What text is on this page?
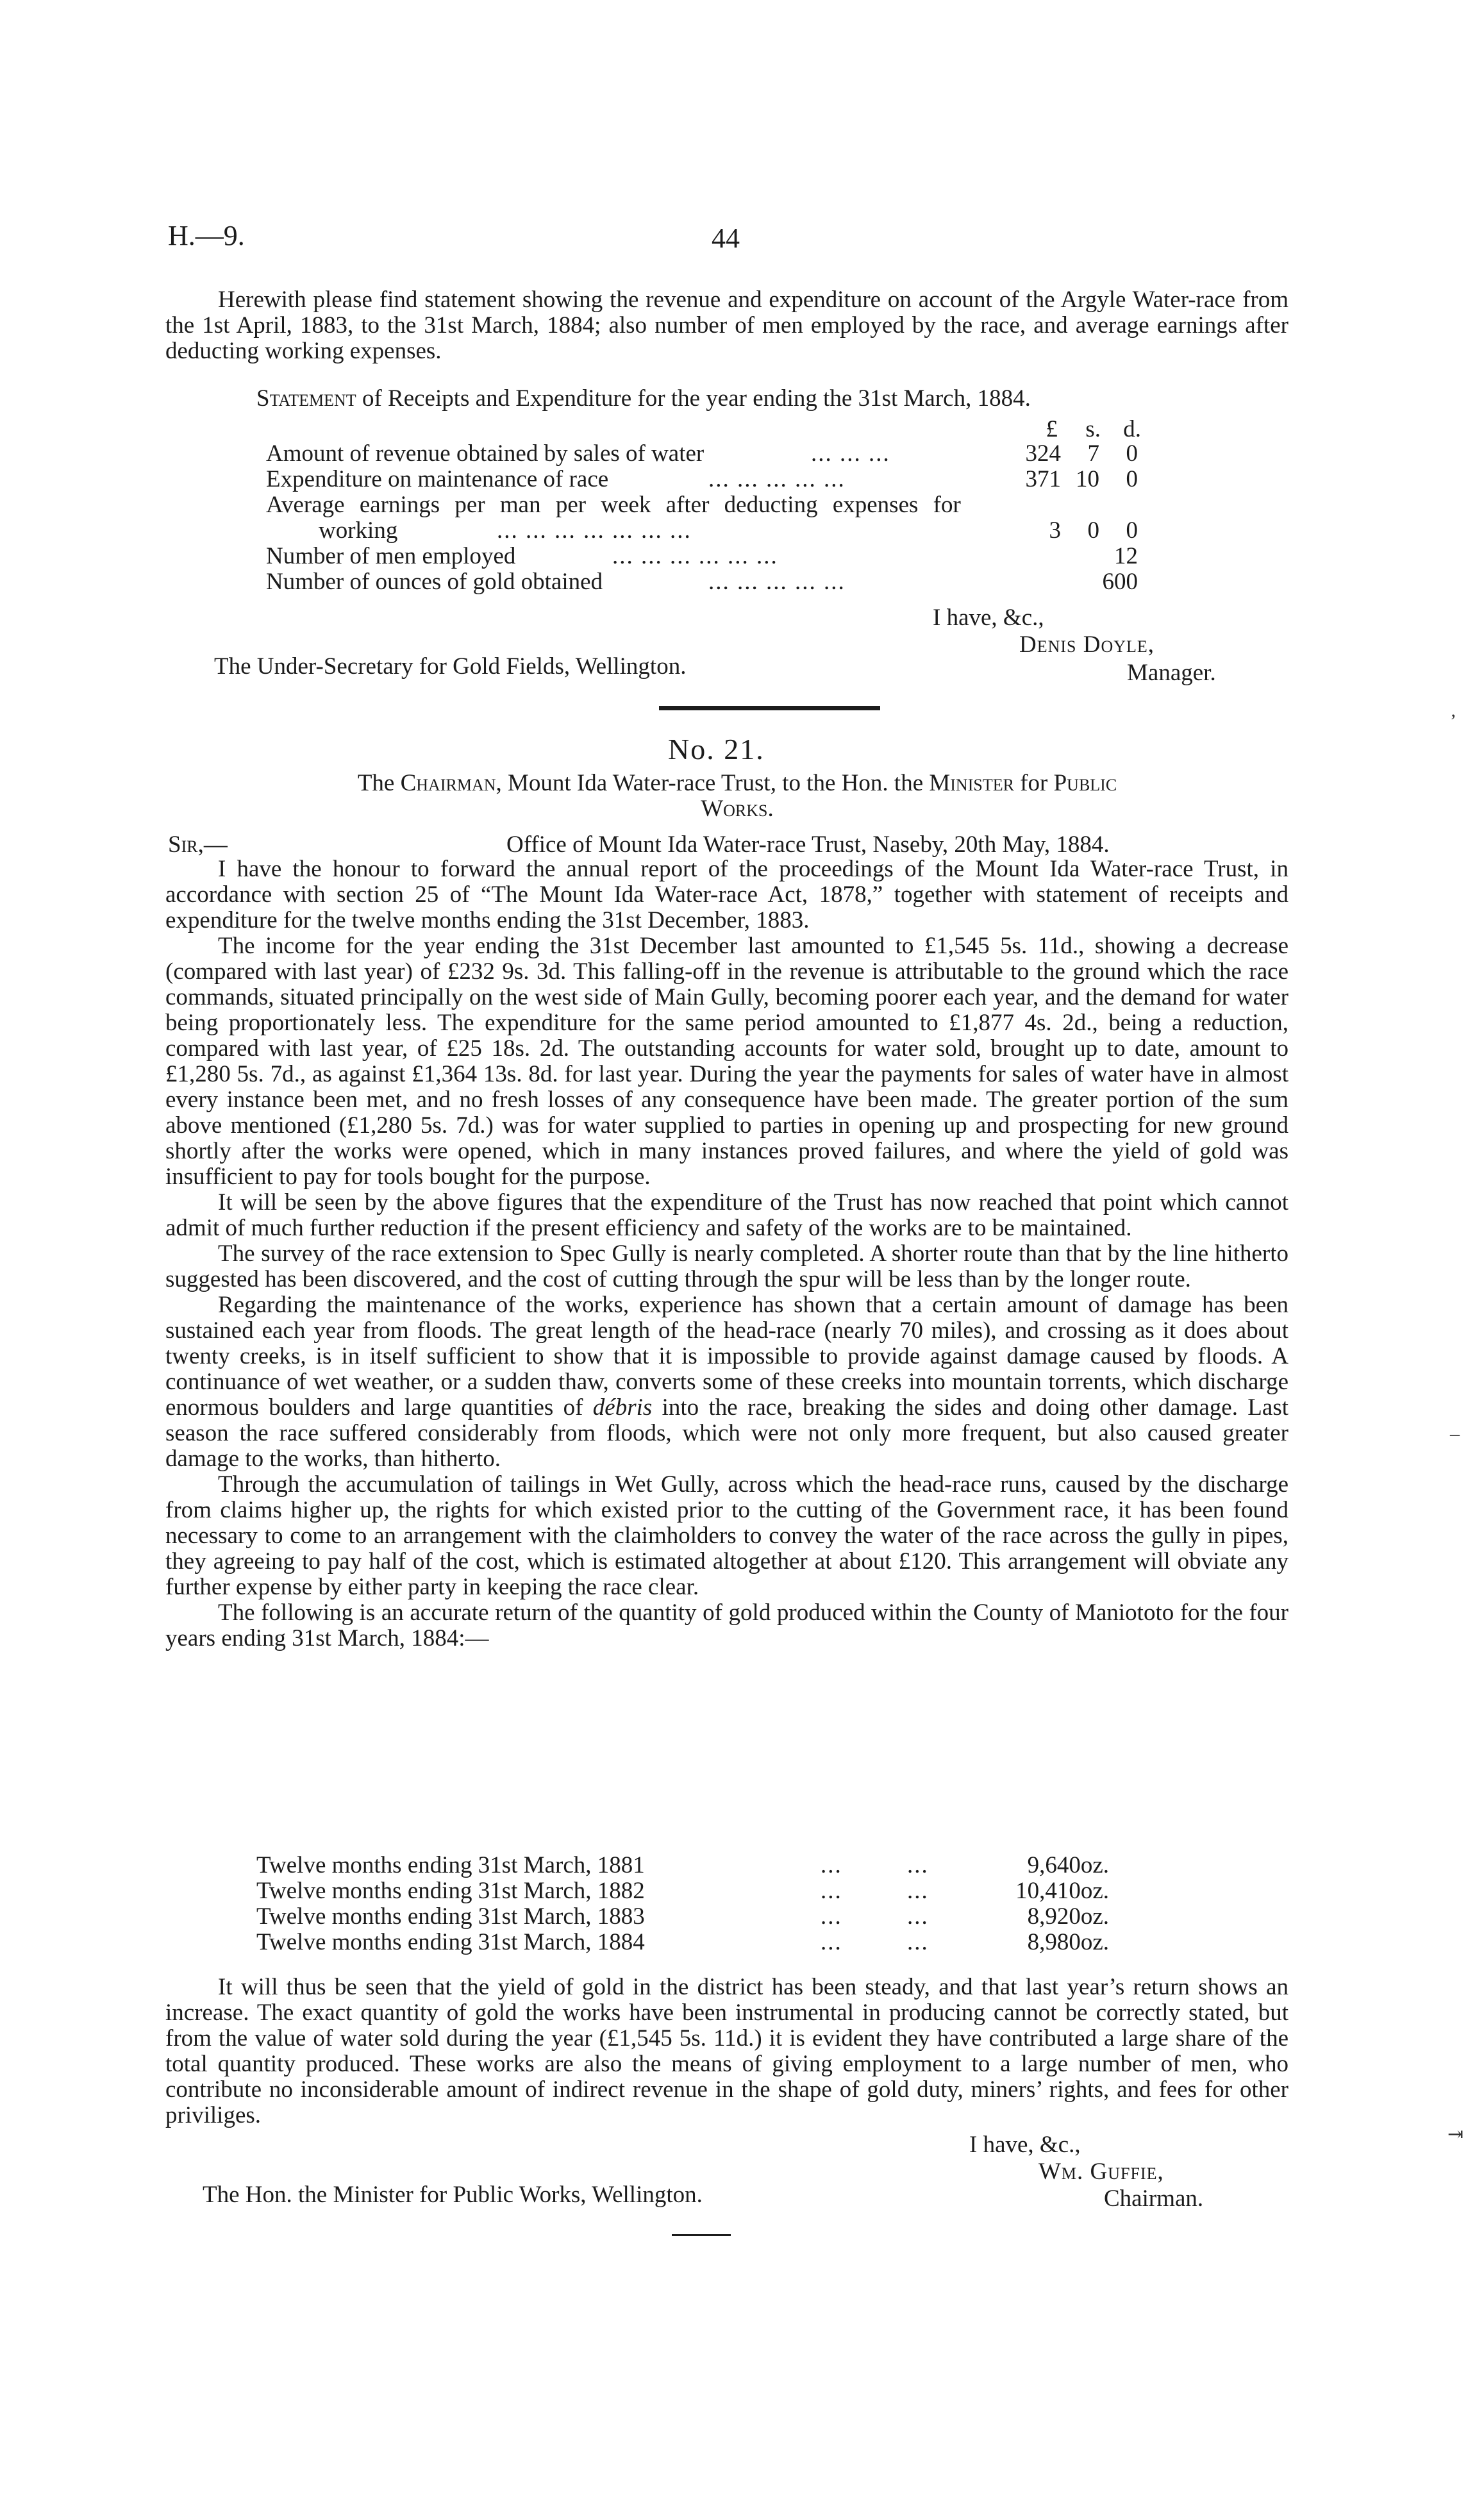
H.—9.	44

Herewith please find statement showing the revenue and expenditure on account of the Argyle Water-race from the 1st April, 1883, to the 31st March, 1884; also number of men employed by the race, and average earnings after deducting working expenses.

Statement of Receipts and Expenditure for the year ending the 31st March, 1884.
£	s. d.
Amount of revenue obtained by sales of water	... ... ...	324	7	0
Expenditure on maintenance of race	... ... ... ... ...	371 10	0
Average earnings per man per week after deducting expenses for
working	... ... ... ... ... ... ...	3	0	0
Number of men employed	... ... ... ... ... ...	12
Number of ounces of gold obtained	... ... ... ... ...	600
I have, &c.,
Denis Doyle,
The Under-Secretary for Gold Fields, Wellington.	Manager.
No. 21.
The Chairman, Mount Ida Water-race Trust, to the Hon. the Minister for Public
Works.
Sir,—	Office of Mount Ida Water-race Trust, Naseby, 20th May, 1884.

I have the honour to forward the annual report of the proceedings of the Mount Ida Water-race Trust, in accordance with section 25 of “The Mount Ida Water-race Act, 1878,” together with statement of receipts and expenditure for the twelve months ending the 31st December, 1883.

The income for the year ending the 31st December last amounted to £1,545 5s. 11d., showing a decrease (compared with last year) of £232 9s. 3d. This falling-off in the revenue is attributable to the ground which the race commands, situated principally on the west side of Main Gully, becoming poorer each year, and the demand for water being proportionately less. The expenditure for the same period amounted to £1,877 4s. 2d., being a reduction, compared with last year, of £25 18s. 2d. The outstanding accounts for water sold, brought up to date, amount to £1,280 5s. 7d., as against £1,364 13s. 8d. for last year. During the year the payments for sales of water have in almost every instance been met, and no fresh losses of any consequence have been made. The greater portion of the sum above mentioned (£1,280 5s. 7d.) was for water supplied to parties in opening up and prospecting for new ground shortly after the works were opened, which in many instances proved failures, and where the yield of gold was insufficient to pay for tools bought for the purpose.

It will be seen by the above figures that the expenditure of the Trust has now reached that point which cannot admit of much further reduction if the present efficiency and safety of the works are to be maintained.

The survey of the race extension to Spec Gully is nearly completed. A shorter route than that by the line hitherto suggested has been discovered, and the cost of cutting through the spur will be less than by the longer route.

Regarding the maintenance of the works, experience has shown that a certain amount of damage has been sustained each year from floods. The great length of the head-race (nearly 70 miles), and crossing as it does about twenty creeks, is in itself sufficient to show that it is impossible to provide against damage caused by floods. A continuance of wet weather, or a sudden thaw, converts some of these creeks into mountain torrents, which discharge enormous boulders and large quantities of débris into the race, breaking the sides and doing other damage. Last season the race suffered considerably from floods, which were not only more frequent, but also caused greater damage to the works, than hitherto.

Through the accumulation of tailings in Wet Gully, across which the head-race runs, caused by the discharge from claims higher up, the rights for which existed prior to the cutting of the Government race, it has been found necessary to come to an arrangement with the claimholders to convey the water of the race across the gully in pipes, they agreeing to pay half of the cost, which is estimated altogether at about £120. This arrangement will obviate any further expense by either party in keeping the race clear.

The following is an accurate return of the quantity of gold produced within the County of Maniototo for the four years ending 31st March, 1884:—

Twelve months ending 31st March, 1881	... ...	9,640oz.
Twelve months ending 31st March, 1882	... ...	10,410oz.
Twelve months ending 31st March, 1883	... ...	8,920oz.
Twelve months ending 31st March, 1884	... ...	8,980oz.

It will thus be seen that the yield of gold in the district has been steady, and that last year’s return shows an increase. The exact quantity of gold the works have been instrumental in producing cannot be correctly stated, but from the value of water sold during the year (£1,545 5s. 11d.) it is evident they have contributed a large share of the total quantity produced. These works are also the means of giving employment to a large number of men, who contribute no inconsiderable amount of indirect revenue in the shape of gold duty, miners’ rights, and fees for other priviliges.

I have, &c.,
Wm. Guffie,
The Hon. the Minister for Public Works, Wellington.	Chairman.
’
–
⇥
